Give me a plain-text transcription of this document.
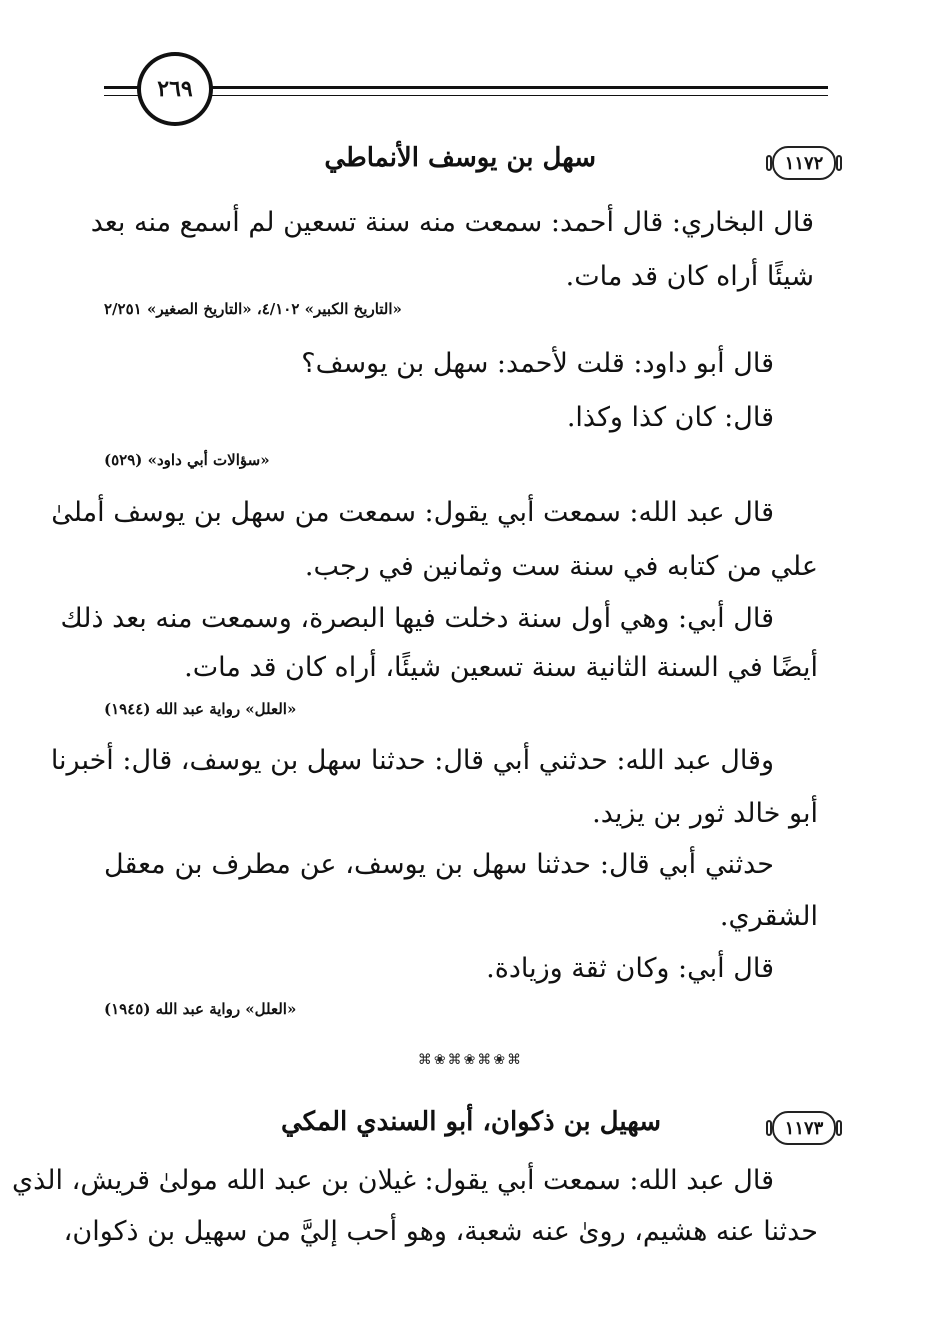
٢٦٩
١١٧٢
سهل بن يوسف الأنماطي
قال البخاري: قال أحمد: سمعت منه سنة تسعين لم أسمع منه بعد
شيئًا أراه كان قد مات.
«التاريخ الكبير» ٤/١٠٢، «التاريخ الصغير» ٢/٢٥١
قال أبو داود: قلت لأحمد: سهل بن يوسف؟
قال: كان كذا وكذا.
«سؤالات أبي داود» (٥٢٩)
قال عبد الله: سمعت أبي يقول: سمعت من سهل بن يوسف أملىٰ
علي من كتابه في سنة ست وثمانين في رجب.
قال أبي: وهي أول سنة دخلت فيها البصرة، وسمعت منه بعد ذلك
أيضًا في السنة الثانية سنة تسعين شيئًا، أراه كان قد مات.
«العلل» رواية عبد الله (١٩٤٤)
وقال عبد الله: حدثني أبي قال: حدثنا سهل بن يوسف، قال: أخبرنا
أبو خالد ثور بن يزيد.
حدثني أبي قال: حدثنا سهل بن يوسف، عن مطرف بن معقل
الشقري.
قال أبي: وكان ثقة وزيادة.
«العلل» رواية عبد الله (١٩٤٥)
⌘❀⌘❀⌘❀⌘
١١٧٣
سهيل بن ذكوان، أبو السندي المكي
قال عبد الله: سمعت أبي يقول: غيلان بن عبد الله مولىٰ قريش، الذي
حدثنا عنه هشيم، روىٰ عنه شعبة، وهو أحب إليَّ من سهيل بن ذكوان،
